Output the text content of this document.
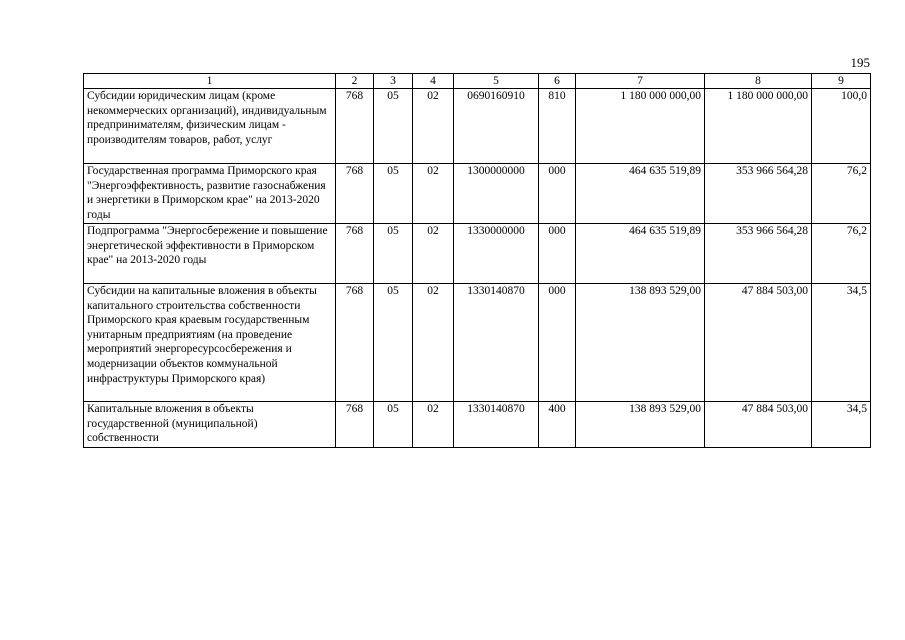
195
1	2	3	4	5	6	7	8	9
Субсидии юридическим лицам (кроме некоммерческих организаций), индивидуальным предпринимателям, физическим лицам - производителям товаров, работ, услуг	768	05	02	0690160910	810	1 180 000 000,00	1 180 000 000,00	100,0
Государственная программа Приморского края "Энергоэффективность, развитие газоснабжения и энергетики в Приморском крае" на 2013-2020 годы	768	05	02	1300000000	000	464 635 519,89	353 966 564,28	76,2
Подпрограмма "Энергосбережение и повышение энергетической эффективности в Приморском крае" на 2013-2020 годы	768	05	02	1330000000	000	464 635 519,89	353 966 564,28	76,2
Субсидии на капитальные вложения в объекты капитального строительства собственности Приморского края краевым государственным унитарным предприятиям (на проведение мероприятий энергоресурсосбережения и модернизации объектов коммунальной инфраструктуры Приморского края)	768	05	02	1330140870	000	138 893 529,00	47 884 503,00	34,5
Капитальные вложения в объекты государственной (муниципальной) собственности	768	05	02	1330140870	400	138 893 529,00	47 884 503,00	34,5
